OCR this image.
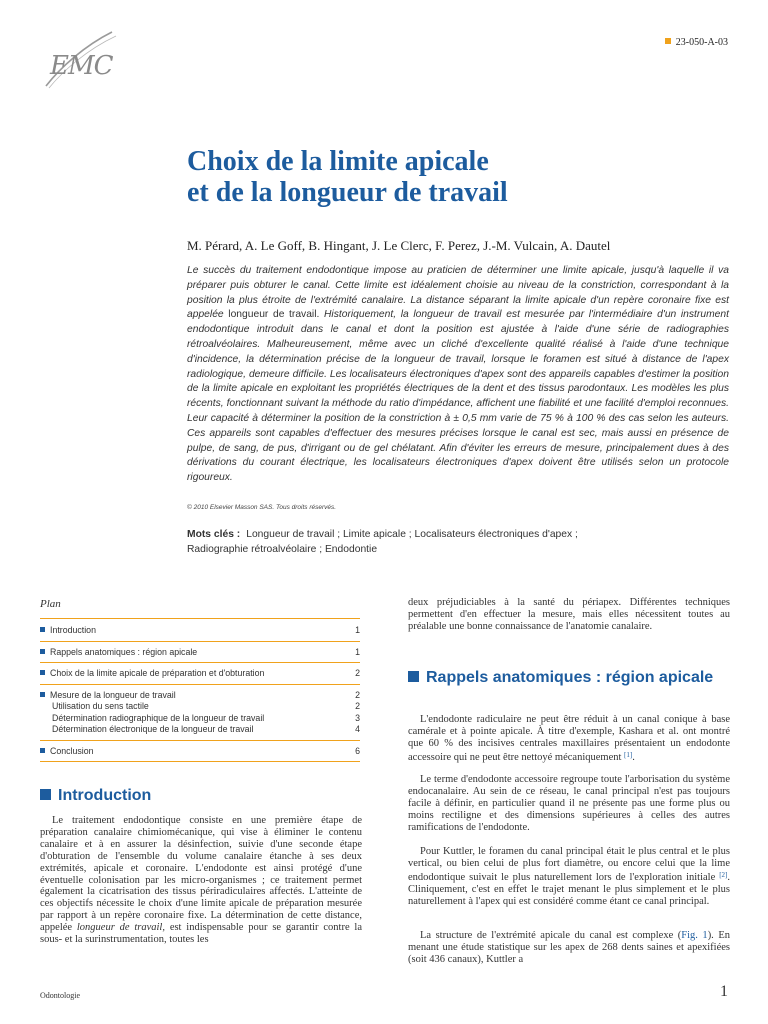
EMC
23-050-A-03
Choix de la limite apicale
et de la longueur de travail
M. Pérard, A. Le Goff, B. Hingant, J. Le Clerc, F. Perez, J.-M. Vulcain, A. Dautel

Le succès du traitement endodontique impose au praticien de déterminer une limite apicale, jusqu'à laquelle il va préparer puis obturer le canal. Cette limite est idéalement choisie au niveau de la constriction, correspondant à la position la plus étroite de l'extrémité canalaire. La distance séparant la limite apicale d'un repère coronaire fixe est appelée longueur de travail. Historiquement, la longueur de travail est mesurée par l'intermédiaire d'un instrument endodontique introduit dans le canal et dont la position est ajustée à l'aide d'une série de radiographies rétroalvéolaires. Malheureusement, même avec un cliché d'excellente qualité réalisé à l'aide d'une technique d'incidence, la détermination précise de la longueur de travail, lorsque le foramen est situé à distance de l'apex radiologique, demeure difficile. Les localisateurs électroniques d'apex sont des appareils capables d'estimer la position de la limite apicale en exploitant les propriétés électriques de la dent et des tissus parodontaux. Les modèles les plus récents, fonctionnant suivant la méthode du ratio d'impédance, affichent une fiabilité et une facilité d'emploi reconnues. Leur capacité à déterminer la position de la constriction à ± 0,5 mm varie de 75 % à 100 % des cas selon les auteurs. Ces appareils sont capables d'effectuer des mesures précises lorsque le canal est sec, mais aussi en présence de pulpe, de sang, de pus, d'irrigant ou de gel chélatant. Afin d'éviter les erreurs de mesure, principalement dues à des dérivations du courant électrique, les localisateurs électroniques d'apex doivent être utilisés selon un protocole rigoureux.

© 2010 Elsevier Masson SAS. Tous droits réservés.
Mots clés : Longueur de travail ; Limite apicale ; Localisateurs électroniques d'apex ; Radiographie rétroalvéolaire ; Endodontie
Plan
Introduction	1
Rappels anatomiques : région apicale	1
Choix de la limite apicale de préparation et d'obturation	2
Mesure de la longueur de travail	2
Utilisation du sens tactile	2
Détermination radiographique de la longueur de travail	3
Détermination électronique de la longueur de travail	4
Conclusion	6
Introduction

Le traitement endodontique consiste en une première étape de préparation canalaire chimiomécanique, qui vise à éliminer le contenu canalaire et à en assurer la désinfection, suivie d'une seconde étape d'obturation de l'ensemble du volume canalaire étanche à ses deux extrémités, apicale et coronaire. L'endodonte est ainsi protégé d'une éventuelle colonisation par les micro-organismes ; ce traitement permet également la cicatrisation des tissus périradiculaires affectés. L'atteinte de ces objectifs nécessite le choix d'une limite apicale de préparation mesurée par rapport à un repère coronaire fixe. La détermination de cette distance, appelée longueur de travail, est indispensable pour se garantir contre la sous- et la surinstrumentation, toutes les

deux préjudiciables à la santé du périapex. Différentes techniques permettent d'en effectuer la mesure, mais elles nécessitent toutes au préalable une bonne connaissance de l'anatomie canalaire.

Rappels anatomiques : région apicale

L'endodonte radiculaire ne peut être réduit à un canal conique à base camérale et à pointe apicale. À titre d'exemple, Kashara et al. ont montré que 60 % des incisives centrales maxillaires présentaient un endodonte accessoire qui ne peut être nettoyé mécaniquement [1].

Le terme d'endodonte accessoire regroupe toute l'arborisation du système endocanalaire. Au sein de ce réseau, le canal principal n'est pas toujours facile à définir, en particulier quand il ne présente pas une forme plus ou moins rectiligne et des dimensions supérieures à celles des autres ramifications de l'endodonte.

Pour Kuttler, le foramen du canal principal était le plus central et le plus vertical, ou bien celui de plus fort diamètre, ou encore celui que la lime endodontique suivait le plus naturellement lors de l'exploration initiale [2]. Cliniquement, c'est en effet le trajet menant le plus simplement et le plus naturellement à l'apex qui est considéré comme étant ce canal principal.

La structure de l'extrémité apicale du canal est complexe (Fig. 1). En menant une étude statistique sur les apex de 268 dents saines et apexifiées (soit 436 canaux), Kuttler a

Odontologie	1
